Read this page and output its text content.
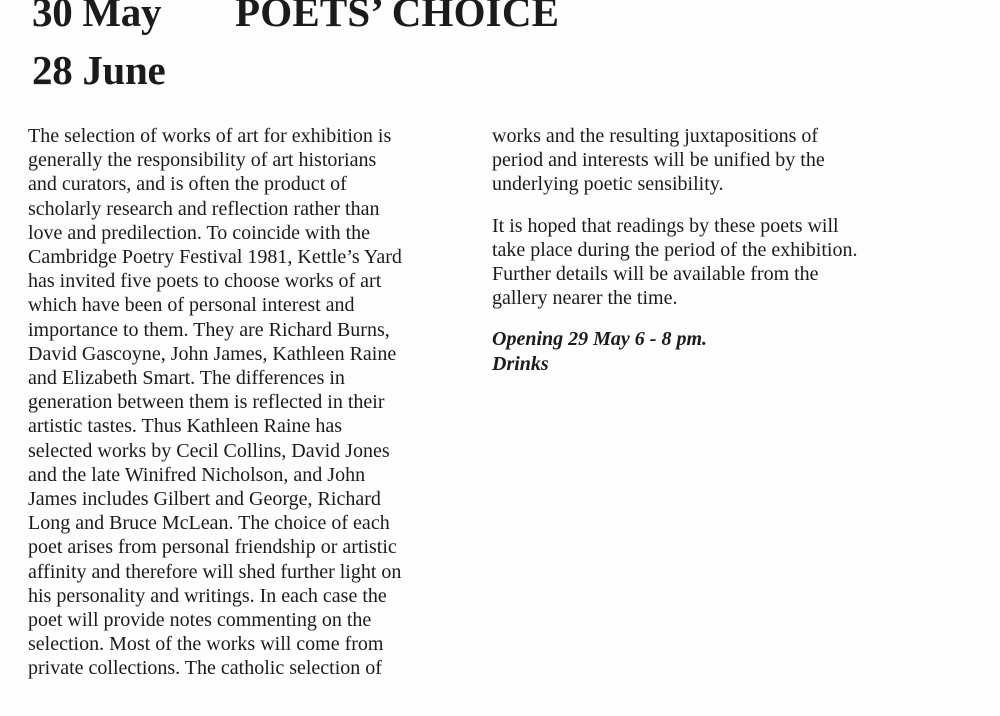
30 May
28 June
POETS’ CHOICE
The selection of works of art for exhibition is
generally the responsibility of art historians
and curators, and is often the product of
scholarly research and reflection rather than
love and predilection. To coincide with the
Cambridge Poetry Festival 1981, Kettle’s Yard
has invited five poets to choose works of art
which have been of personal interest and
importance to them. They are Richard Burns,
David Gascoyne, John James, Kathleen Raine
and Elizabeth Smart. The differences in
generation between them is reflected in their
artistic tastes. Thus Kathleen Raine has
selected works by Cecil Collins, David Jones
and the late Winifred Nicholson, and John
James includes Gilbert and George, Richard
Long and Bruce McLean. The choice of each
poet arises from personal friendship or artistic
affinity and therefore will shed further light on
his personality and writings. In each case the
poet will provide notes commenting on the
selection. Most of the works will come from
private collections. The catholic selection of
works and the resulting juxtapositions of
period and interests will be unified by the
underlying poetic sensibility.
It is hoped that readings by these poets will
take place during the period of the exhibition.
Further details will be available from the
gallery nearer the time.
Opening 29 May 6 - 8 pm.
Drinks
